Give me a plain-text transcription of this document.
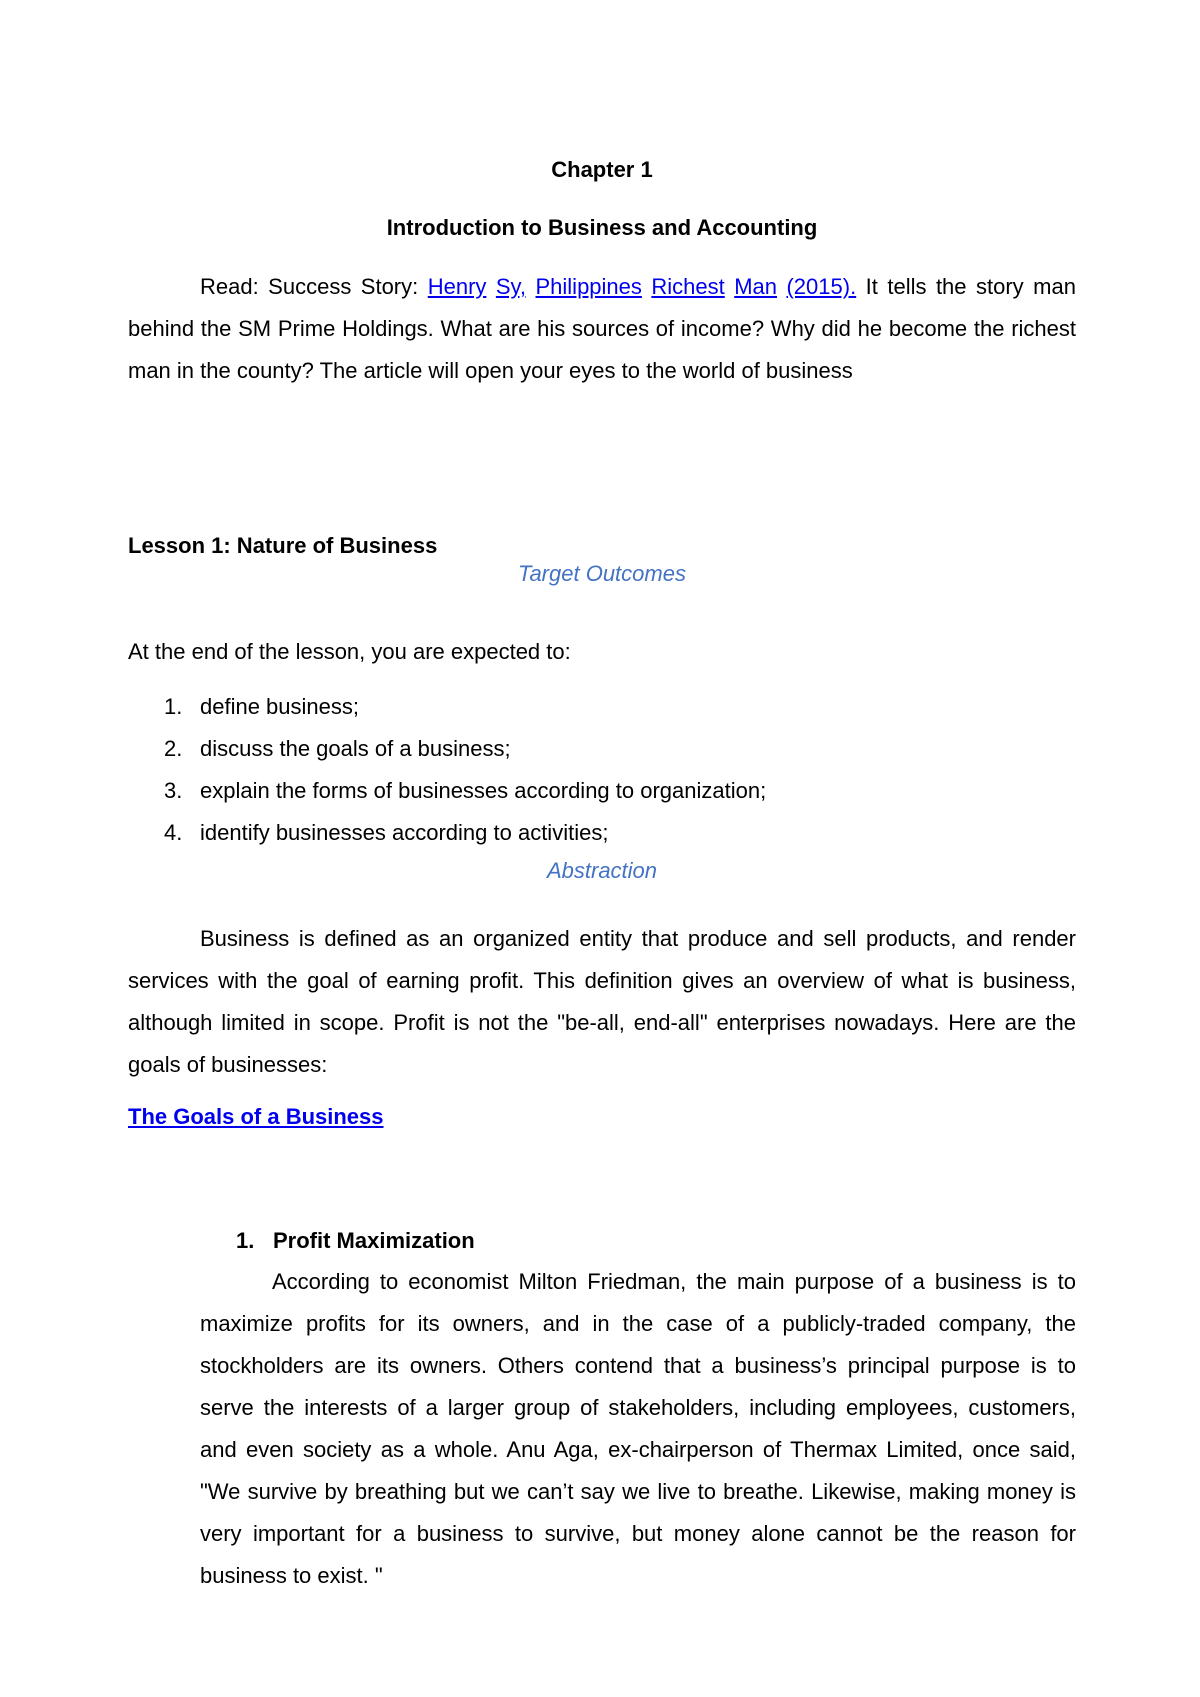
Chapter 1

Introduction to Business and Accounting

Read: Success Story: Henry Sy, Philippines Richest Man (2015). It tells the story man behind the SM Prime Holdings. What are his sources of income? Why did he become the richest man in the county? The article will open your eyes to the world of business

Lesson 1: Nature of Business

Target Outcomes

At the end of the lesson, you are expected to:

1. define business;
2. discuss the goals of a business;
3. explain the forms of businesses according to organization;
4. identify businesses according to activities;

Abstraction

Business is defined as an organized entity that produce and sell products, and render services with the goal of earning profit. This definition gives an overview of what is business, although limited in scope. Profit is not the "be-all, end-all" enterprises nowadays. Here are the goals of businesses:

The Goals of a Business
1. Profit Maximization

According to economist Milton Friedman, the main purpose of a business is to maximize profits for its owners, and in the case of a publicly-traded company, the stockholders are its owners. Others contend that a business’s principal purpose is to serve the interests of a larger group of stakeholders, including employees, customers, and even society as a whole. Anu Aga, ex-chairperson of Thermax Limited, once said, "We survive by breathing but we can’t say we live to breathe. Likewise, making money is very important for a business to survive, but money alone cannot be the reason for business to exist. "
